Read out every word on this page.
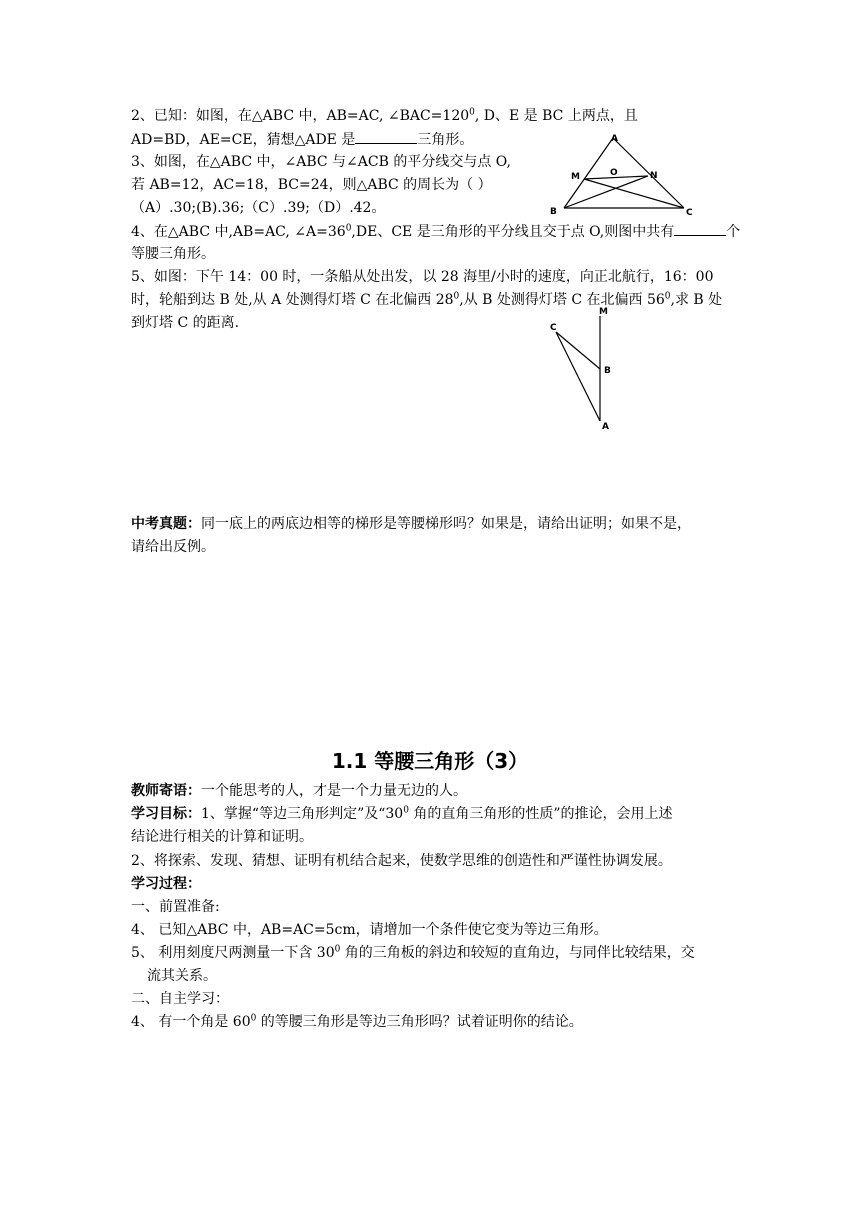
2、已知：如图，在△ABC 中，AB=AC, $\angle BAC=120^0$, D、E 是 BC 上两点，且
AD=BD，AE=CE，猜想△ADE 是	三角形。
3、如图，在△ABC 中，∠ABC 与∠ACB 的平分线交与点 O,
若 AB=12，AC=18，BC=24，则△ABC 的周长为（ ）
（A）.30;(B).36;（C）.39;（D）.42。
A
M	O	N
B	C
4、在△ABC 中,AB=AC, $\angle A=36^0,DE$、CE 是三角形的平分线且交于点 O,则图中共有	个
等腰三角形。
5、如图：下午 14：00 时，一条船从处出发，以 28 海里/小时的速度，向正北航行，16：00
时，轮船到达 B 处,从 A 处测得灯塔 C 在北偏西 $28^0$,从 B 处测得灯塔 C 在北偏西 $56^0$,求 B 处
到灯塔 C 的距离.	C
M
B
A
中考真题：同一底上的两底边相等的梯形是等腰梯形吗？如果是，请给出证明；如果不是，
请给出反例。
1.1 等腰三角形（3）
教师寄语：一个能思考的人，才是一个力量无边的人。
学习目标：1、掌握“等边三角形判定”及“$30^0$ 角的直角三角形的性质”的推论，会用上述
结论进行相关的计算和证明。
2、将探索、发现、猜想、证明有机结合起来，使数学思维的创造性和严谨性协调发展。
学习过程：
一、前置准备:
4、 已知△ABC 中，AB=AC=5cm，请增加一个条件使它变为等边三角形。
5、 利用刻度尺两测量一下含 $30^0$ 角的三角板的斜边和较短的直角边，与同伴比较结果，交
流其关系。
二、自主学习：
4、 有一个角是 $60^0$ 的等腰三角形是等边三角形吗？试着证明你的结论。
